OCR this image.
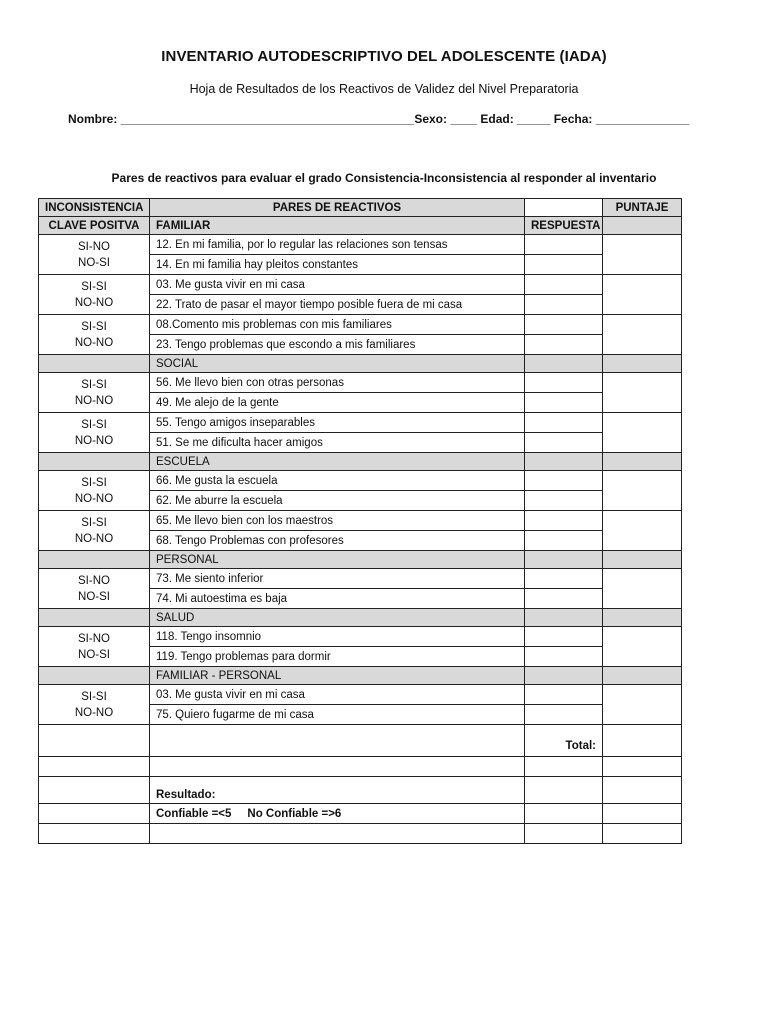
INVENTARIO AUTODESCRIPTIVO DEL ADOLESCENTE (IADA)
Hoja de Resultados de los Reactivos de Validez del Nivel Preparatoria
Nombre: ____________________________________________Sexo: ____ Edad: _____ Fecha: ______________
Pares de reactivos para evaluar el grado Consistencia-Inconsistencia al responder al inventario
INCONSISTENCIA	PARES DE REACTIVOS		PUNTAJE
CLAVE POSITVA	FAMILIAR	RESPUESTA	

SI-NO
NO-SI	12. En mi familia, por lo regular las relaciones son tensas		
	14. En mi familia hay pleitos constantes		

SI-SI
NO-NO	03. Me gusta vivir en mi casa		
	22. Trato de pasar el mayor tiempo posible fuera de mi casa		

SI-SI
NO-NO	08.Comento mis problemas con mis familiares		
	23. Tengo problemas que escondo a mis familiares		
	SOCIAL		

SI-SI
NO-NO	56. Me llevo bien con otras personas		
	49. Me alejo de la gente		

SI-SI
NO-NO	55. Tengo amigos inseparables		
	51. Se me dificulta hacer amigos		
	ESCUELA		

SI-SI
NO-NO	66. Me gusta la escuela		
	62. Me aburre la escuela		

SI-SI
NO-NO	65. Me llevo bien con los maestros		
	68. Tengo Problemas con profesores		
	PERSONAL		

SI-NO
NO-SI	73. Me siento inferior		
	74. Mi autoestima es baja		
	SALUD		

SI-NO
NO-SI	118. Tengo insomnio		
	119. Tengo problemas para dormir		
	FAMILIAR - PERSONAL		

SI-SI
NO-NO	03. Me gusta vivir en mi casa		
	75. Quiero fugarme de mi casa		
		Total:	

	Resultado:		
	Confiable =<5     No Confiable =>6		
